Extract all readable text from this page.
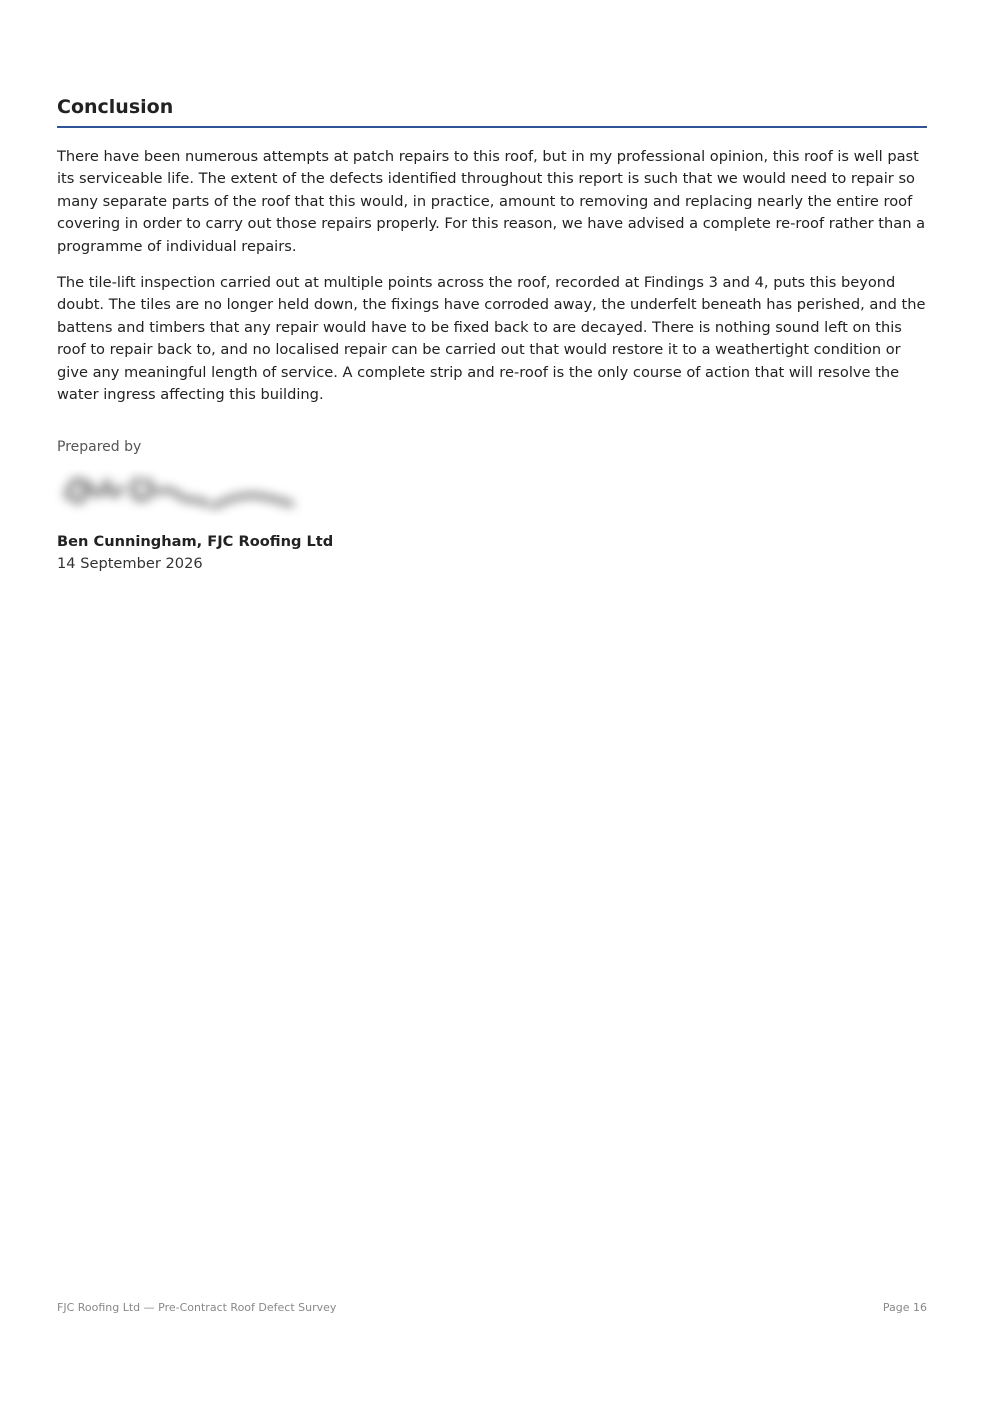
Conclusion

There have been numerous attempts at patch repairs to this roof, but in my professional opinion, this roof is well past its serviceable life. The extent of the defects identified throughout this report is such that we would need to repair so many separate parts of the roof that this would, in practice, amount to removing and replacing nearly the entire roof covering in order to carry out those repairs properly. For this reason, we have advised a complete re-roof rather than a programme of individual repairs.

The tile-lift inspection carried out at multiple points across the roof, recorded at Findings 3 and 4, puts this beyond doubt. The tiles are no longer held down, the fixings have corroded away, the underfelt beneath has perished, and the battens and timbers that any repair would have to be fixed back to are decayed. There is nothing sound left on this roof to repair back to, and no localised repair can be carried out that would restore it to a weathertight condition or give any meaningful length of service. A complete strip and re-roof is the only course of action that will resolve the water ingress affecting this building.

Prepared by
Ben Cunningham, FJC Roofing Ltd
14 September 2026
FJC Roofing Ltd — Pre-Contract Roof Defect Survey	Page 16
